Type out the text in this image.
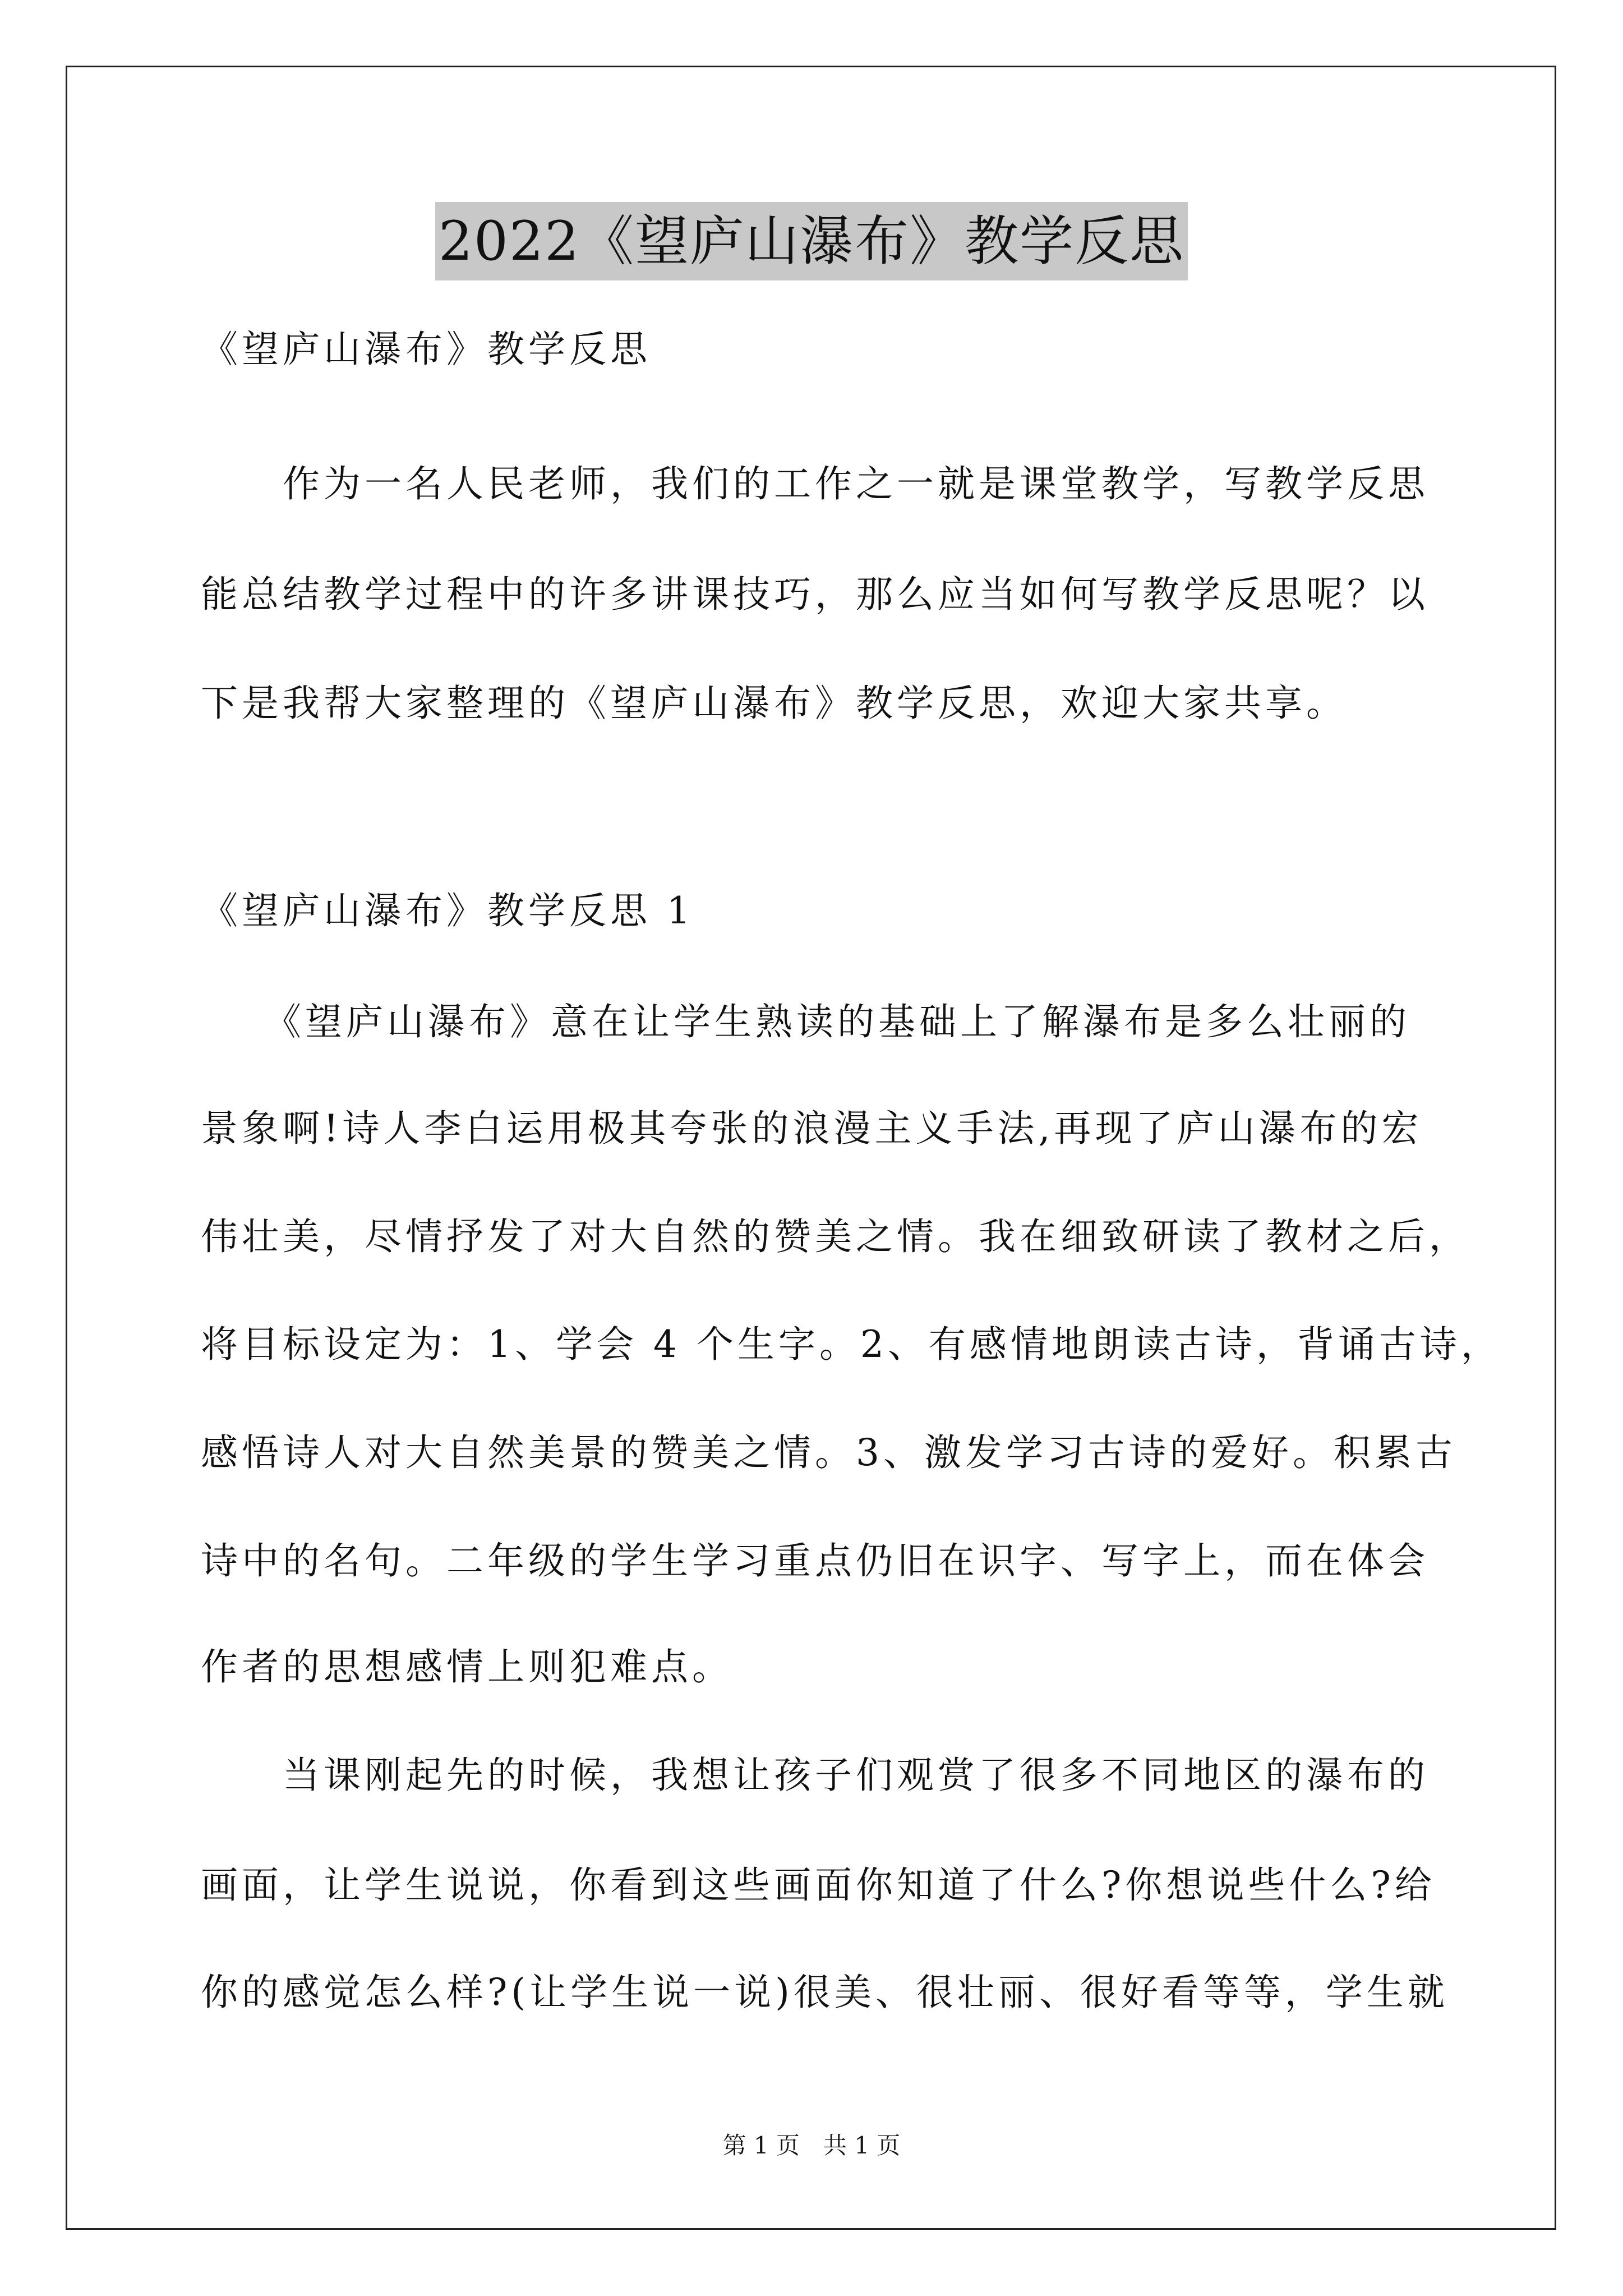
2022《望庐山瀑布》教学反思
《望庐山瀑布》教学反思
　　作为一名人民老师，我们的工作之一就是课堂教学，写教学反思
能总结教学过程中的许多讲课技巧，那么应当如何写教学反思呢？以
下是我帮大家整理的《望庐山瀑布》教学反思，欢迎大家共享。
《望庐山瀑布》教学反思 1
　　《望庐山瀑布》意在让学生熟读的基础上了解瀑布是多么壮丽的
景象啊!诗人李白运用极其夸张的浪漫主义手法,再现了庐山瀑布的宏
伟壮美，尽情抒发了对大自然的赞美之情。我在细致研读了教材之后，
将目标设定为：1、学会 4 个生字。2、有感情地朗读古诗，背诵古诗，
感悟诗人对大自然美景的赞美之情。3、激发学习古诗的爱好。积累古
诗中的名句。二年级的学生学习重点仍旧在识字、写字上，而在体会
作者的思想感情上则犯难点。
　　当课刚起先的时候，我想让孩子们观赏了很多不同地区的瀑布的
画面，让学生说说，你看到这些画面你知道了什么?你想说些什么?给
你的感觉怎么样?(让学生说一说)很美、很壮丽、很好看等等，学生就
第 1 页　共 1 页
